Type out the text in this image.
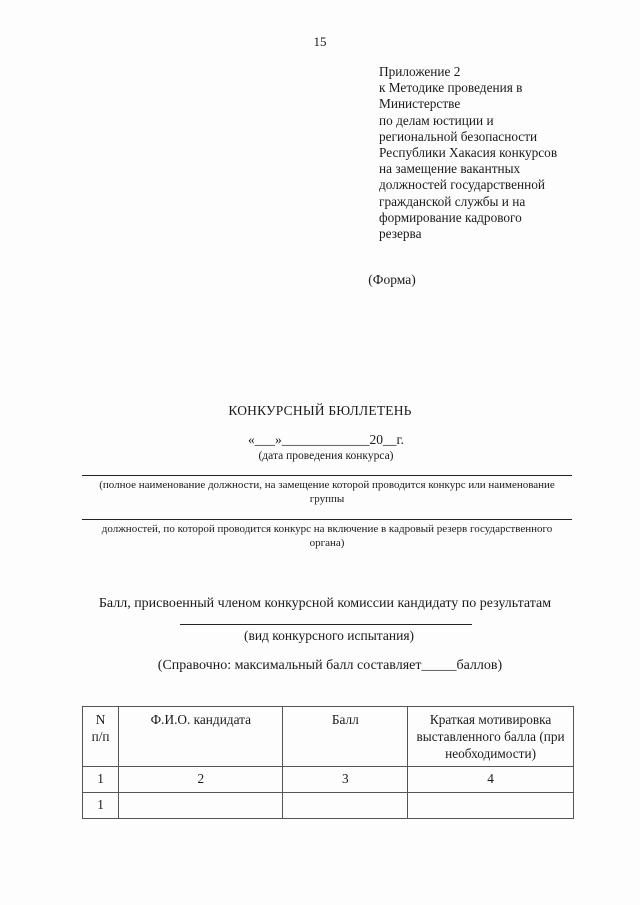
15
Приложение 2
к Методике проведения в
Министерстве
по делам юстиции и
региональной безопасности
Республики Хакасия конкурсов
на замещение вакантных
должностей государственной
гражданской службы и на
формирование кадрового
резерва
(Форма)
КОНКУРСНЫЙ БЮЛЛЕТЕНЬ
«___»_____________20__г.
(дата проведения конкурса)
(полное наименование должности, на замещение которой проводится конкурс или наименование
группы
должностей, по которой проводится конкурс на включение в кадровый резерв государственного
органа)
Балл, присвоенный членом конкурсной комиссии кандидату по результатам
(вид конкурсного испытания)
(Справочно: максимальный балл составляет_____баллов)
N
п/п	Ф.И.О. кандидата	Балл	Краткая мотивировка выставленного балла (при необходимости)
1	2	3	4
1			
